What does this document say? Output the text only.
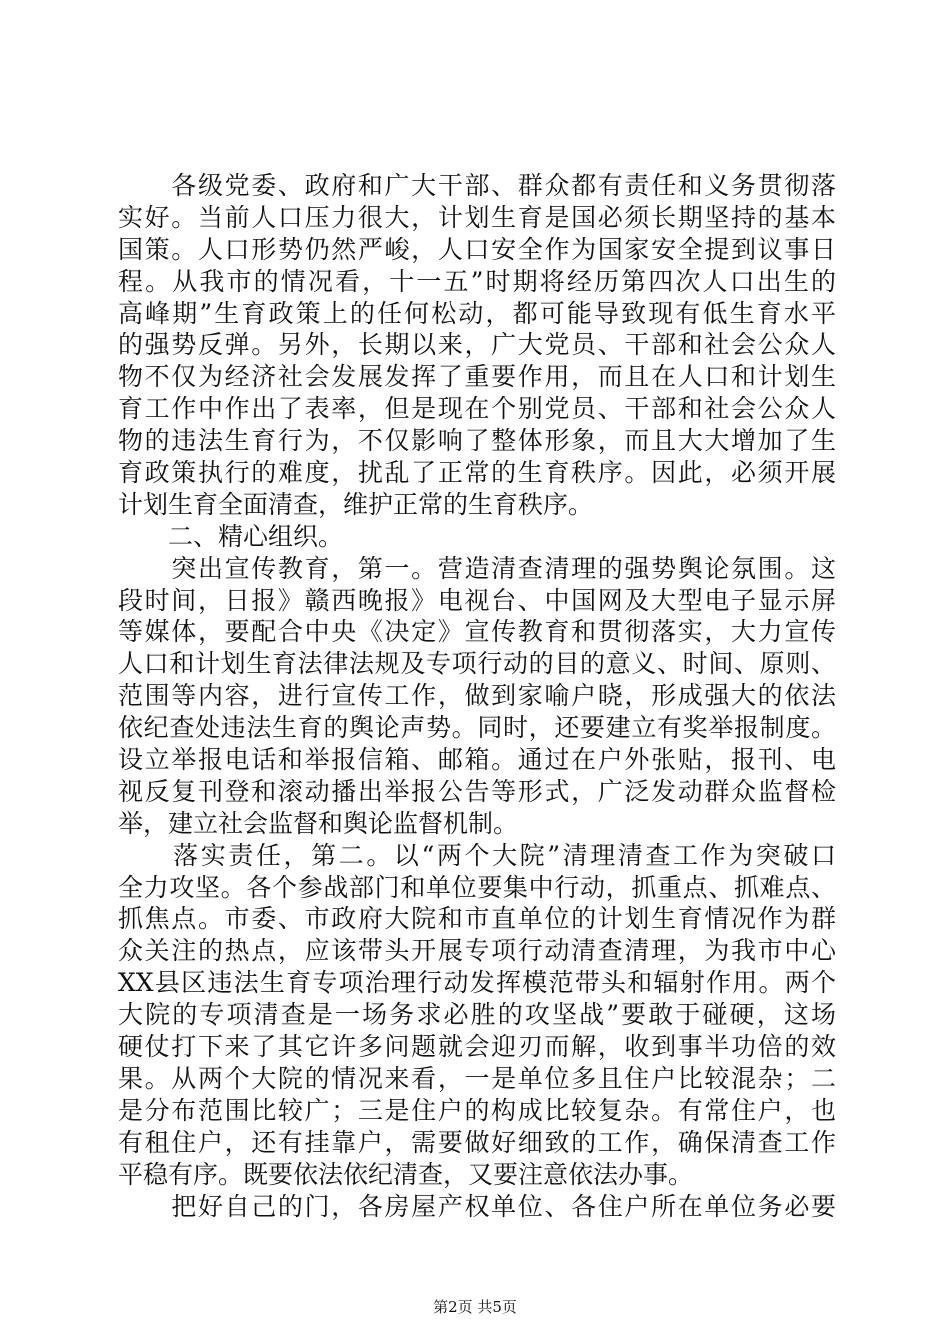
　　各级党委、政府和广大干部、群众都有责任和义务贯彻落
实好。当前人口压力很大，计划生育是国必须长期坚持的基本
国策。人口形势仍然严峻，人口安全作为国家安全提到议事日
程。从我市的情况看，十一五”时期将经历第四次人口出生的
高峰期”生育政策上的任何松动，都可能导致现有低生育水平
的强势反弹。另外，长期以来，广大党员、干部和社会公众人
物不仅为经济社会发展发挥了重要作用，而且在人口和计划生
育工作中作出了表率，但是现在个别党员、干部和社会公众人
物的违法生育行为，不仅影响了整体形象，而且大大增加了生
育政策执行的难度，扰乱了正常的生育秩序。因此，必须开展
计划生育全面清查，维护正常的生育秩序。
　　二、精心组织。
　　突出宣传教育，第一。营造清查清理的强势舆论氛围。这
段时间，日报》赣西晚报》电视台、中国网及大型电子显示屏
等媒体，要配合中央《决定》宣传教育和贯彻落实，大力宣传
人口和计划生育法律法规及专项行动的目的意义、时间、原则、
范围等内容，进行宣传工作，做到家喻户晓，形成强大的依法
依纪查处违法生育的舆论声势。同时，还要建立有奖举报制度。
设立举报电话和举报信箱、邮箱。通过在户外张贴，报刊、电
视反复刊登和滚动播出举报公告等形式，广泛发动群众监督检
举，建立社会监督和舆论监督机制。
　　落实责任，第二。以“两个大院”清理清查工作为突破口
全力攻坚。各个参战部门和单位要集中行动，抓重点、抓难点、
抓焦点。市委、市政府大院和市直单位的计划生育情况作为群
众关注的热点，应该带头开展专项行动清查清理，为我市中心
XX县区违法生育专项治理行动发挥模范带头和辐射作用。两个
大院的专项清查是一场务求必胜的攻坚战”要敢于碰硬，这场
硬仗打下来了其它许多问题就会迎刃而解，收到事半功倍的效
果。从两个大院的情况来看，一是单位多且住户比较混杂；二
是分布范围比较广；三是住户的构成比较复杂。有常住户，也
有租住户，还有挂靠户，需要做好细致的工作，确保清查工作
平稳有序。既要依法依纪清查，又要注意依法办事。
　　把好自己的门，各房屋产权单位、各住户所在单位务必要
第2页 共5页
